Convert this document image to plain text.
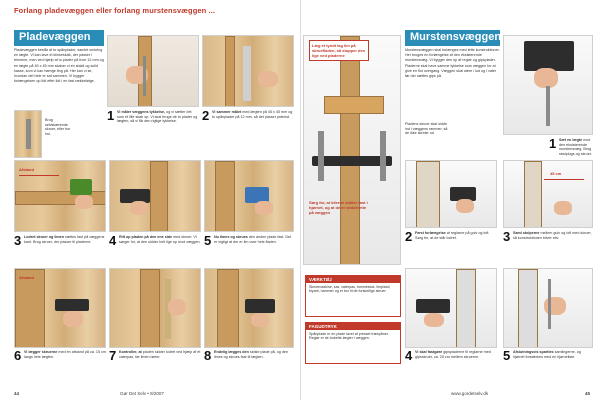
Forlang pladevæggen eller forlang murstensvæggen ...
Pladevæggen
Pladevæggen består af to spånplader, samlet omkring en lægte. Vi kan lave et klinkeskab, der passer i trinnene, men ved hjælp af to plader på hver 12 mm og en lægte på 45 x 45 mm skaber vi en stabil og solid kasse, som vi kan hænge ting på. Her kan vi se, hvordan det hele er sat sammen. Vi bygger forlængelsen op lidt efter lidt i en fast rækkefølge.
Brug selvskærende skruer, eller bor hul.
1 Vi måler væggens tykkelse, og vi sætter det som et lille skab op. Vi skal bruge de to plader og lægten, så vi får den rigtige tykkelse.	2 Vi sammer målet med lægten på 45 x 45 mm og to spånplader på 12 mm, så det passer præcist.
Afstand
3 Lodret skruer og limen sættes fast på væggens kant. Brug skruer, der passer til pladerne.	4 Rilt op pladen på den ene side med skruer. Vi sørger for, at den sidder helt lige op mod væggen. 5 Nu limes og skrues den anden plade fast. Det er vigtigt at der er lim over hele fladen.
Afstand
6 Vi lægger skruerne med en afstand på ca. 15 cm langs hele lægten.	7 Kontroller, at pladen sidder lodret ved hjælp af et vaterpas, før limen tørrer.	8 Endelig lægges den sidste plade på, og den limes og skrues fast til lægten.
44	Gør Det Selv • 8/2007
Læg et tyndt lag lim på skruefladen, så stopper den lige ved pladerne
Sørg for, at kilerne sidder fast i hjørnet, og at de er vinkelrette på væggen
VÆRKTØJ
Skruemaskine, sav, vaterpas, tommestok, limpistol, blyant, hammer og et bor til de forskellige skruer.
FAGUDTRYK
Spånplade er en plade lavet af presset træspåner. Reglar er de lodrette lægter i væggen.
Murstensvæggen
Murstensvæggen skal forlænges med lette konstruktioner. Her bruges en forlængelse af den eksisterende murstensvæg. Vi bygger den op af reglar og gipsplader. Pladerne skal have samme tykkelse som væggen for at give en flot overgang. Væggen skal være i lod og i vater før der sættes gips på.
Pladens skruer skal sidde ind i væggens rammer, så de ikke skrider ud
1 Sæt en lægte mod den eksisterende murstensvæg. Brug rawlplugs og skruer.
2 Fæst forlængelse af reglarne på gulv og loft. Sørg for, at de står lodret.
45 cm
3 Saml stolperne mellem gulv og loft med skruer, så konstruktionen bliver stiv.
4 Vi skal fastgøre gipspladerne til reglarne med gipsskruer, ca. 25 cm mellem skruerne.	5 Afslutningsvis spartles samlingerne, og hjørnet forstærkes med en hjørneliste.
www.gordetselv.dk	45
